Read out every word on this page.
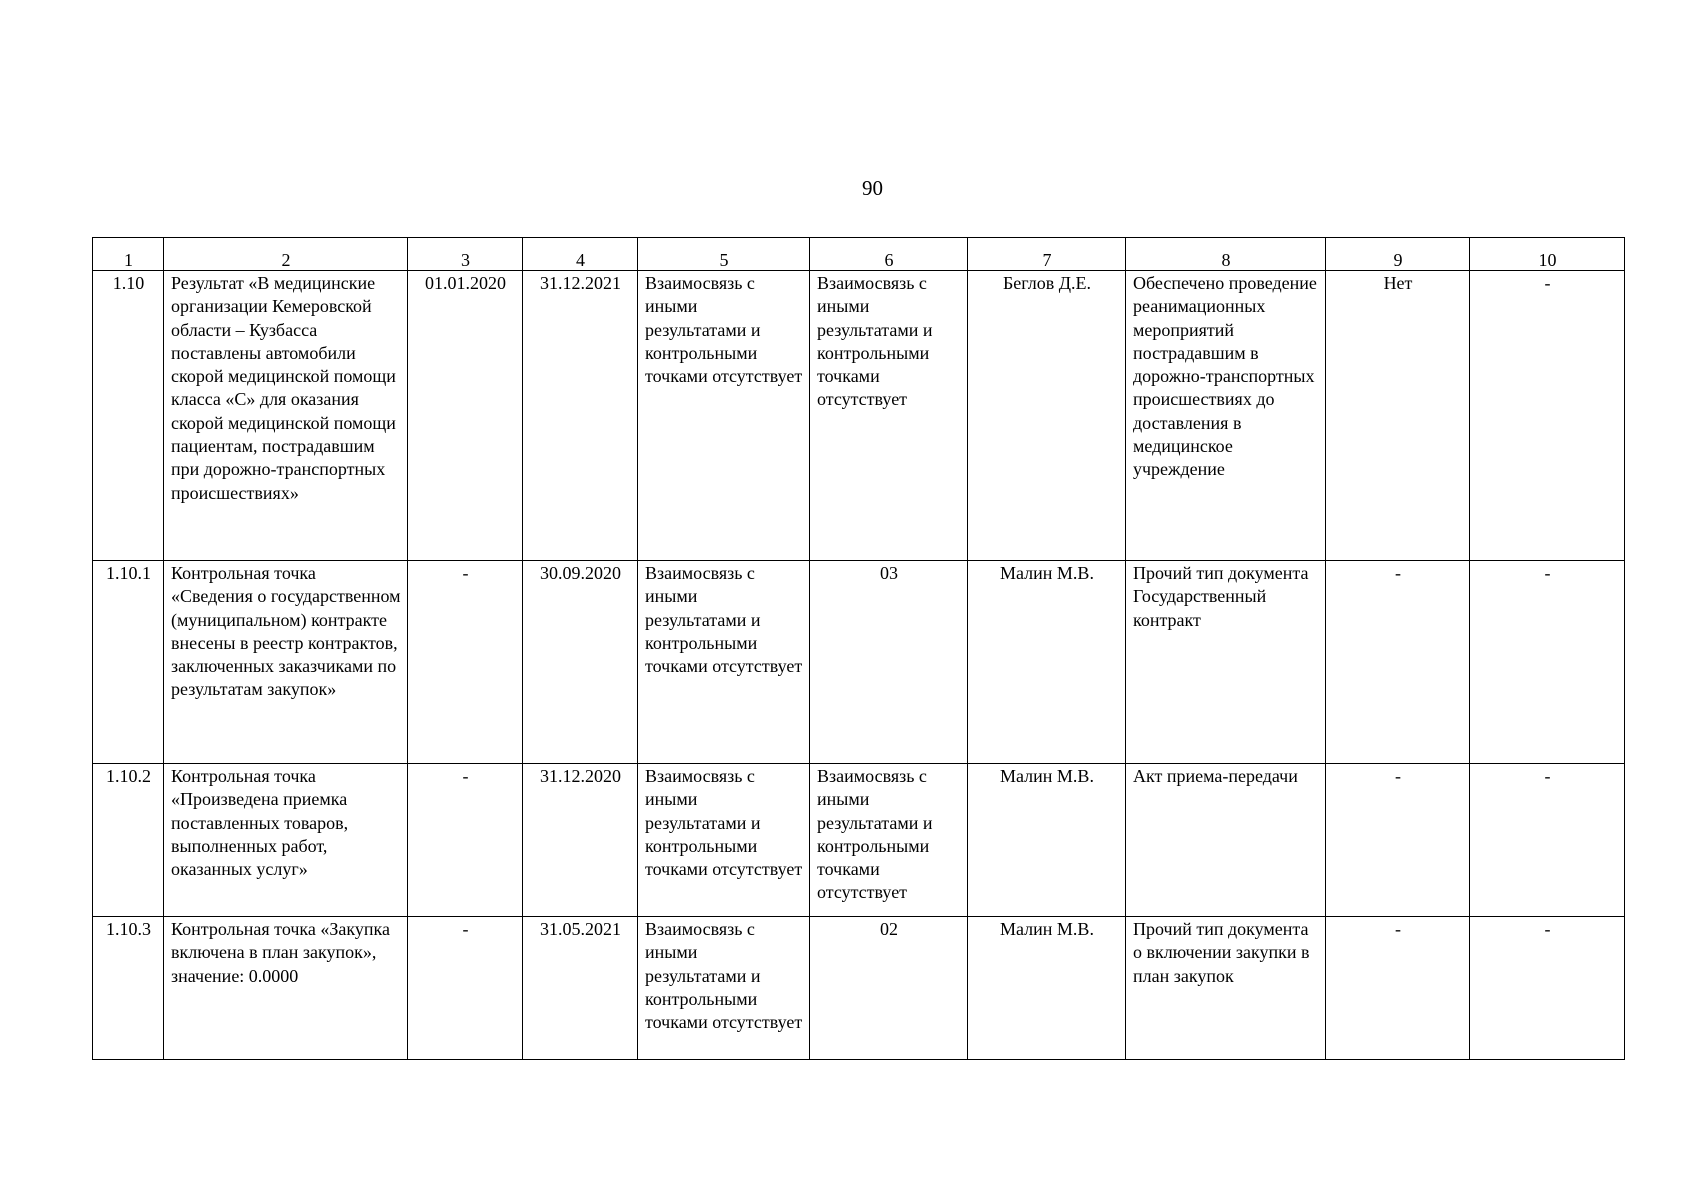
90
1	2	3	4	5	6	7	8	9	10
1.10	Результат «В медицинские организации Кемеровской области – Кузбасса поставлены автомобили скорой медицинской помощи класса «С» для оказания скорой медицинской помощи пациентам, пострадавшим при дорожно-транспортных происшествиях»	01.01.2020	31.12.2021	Взаимосвязь с иными результатами и контрольными точками отсутствует	Взаимосвязь с иными результатами и контрольными точками отсутствует	Беглов Д.Е.	Обеспечено проведение реанимационных мероприятий пострадавшим в дорожно-транспортных происшествиях до доставления в медицинское учреждение	Нет	-
1.10.1	Контрольная точка «Сведения о государственном (муниципальном) контракте внесены в реестр контрактов, заключенных заказчиками по результатам закупок»	-	30.09.2020	Взаимосвязь с иными результатами и контрольными точками отсутствует	03	Малин М.В.	Прочий тип документа Государственный контракт	-	-
1.10.2	Контрольная точка «Произведена приемка поставленных товаров, выполненных работ, оказанных услуг»	-	31.12.2020	Взаимосвязь с иными результатами и контрольными точками отсутствует	Взаимосвязь с иными результатами и контрольными точками отсутствует	Малин М.В.	Акт приема-передачи	-	-
1.10.3	Контрольная точка «Закупка включена в план закупок», значение: 0.0000	-	31.05.2021	Взаимосвязь с иными результатами и контрольными точками отсутствует	02	Малин М.В.	Прочий тип документа о включении закупки в план закупок	-	-
